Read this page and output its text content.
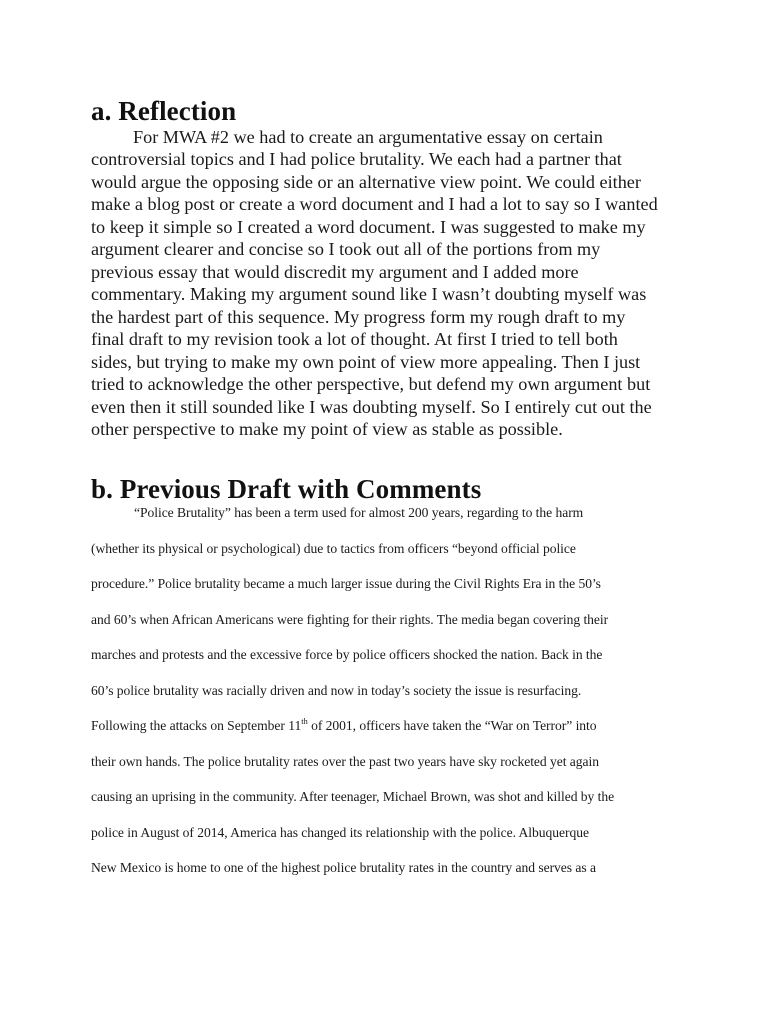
a. Reflection
For MWA #2 we had to create an argumentative essay on certain
controversial topics and I had police brutality. We each had a partner that
would argue the opposing side or an alternative view point. We could either
make a blog post or create a word document and I had a lot to say so I wanted
to keep it simple so I created a word document. I was suggested to make my
argument clearer and concise so I took out all of the portions from my
previous essay that would discredit my argument and I added more
commentary. Making my argument sound like I wasn’t doubting myself was
the hardest part of this sequence. My progress form my rough draft to my
final draft to my revision took a lot of thought. At first I tried to tell both
sides, but trying to make my own point of view more appealing. Then I just
tried to acknowledge the other perspective, but defend my own argument but
even then it still sounded like I was doubting myself. So I entirely cut out the
other perspective to make my point of view as stable as possible.
b. Previous Draft with Comments
“Police Brutality” has been a term used for almost 200 years, regarding to the harm
(whether its physical or psychological) due to tactics from officers “beyond official police
procedure.” Police brutality became a much larger issue during the Civil Rights Era in the 50’s
and 60’s when African Americans were fighting for their rights. The media began covering their
marches and protests and the excessive force by police officers shocked the nation. Back in the
60’s police brutality was racially driven and now in today’s society the issue is resurfacing.
Following the attacks on September 11th of 2001, officers have taken the “War on Terror” into
their own hands. The police brutality rates over the past two years have sky rocketed yet again
causing an uprising in the community. After teenager, Michael Brown, was shot and killed by the
police in August of 2014, America has changed its relationship with the police. Albuquerque
New Mexico is home to one of the highest police brutality rates in the country and serves as a
